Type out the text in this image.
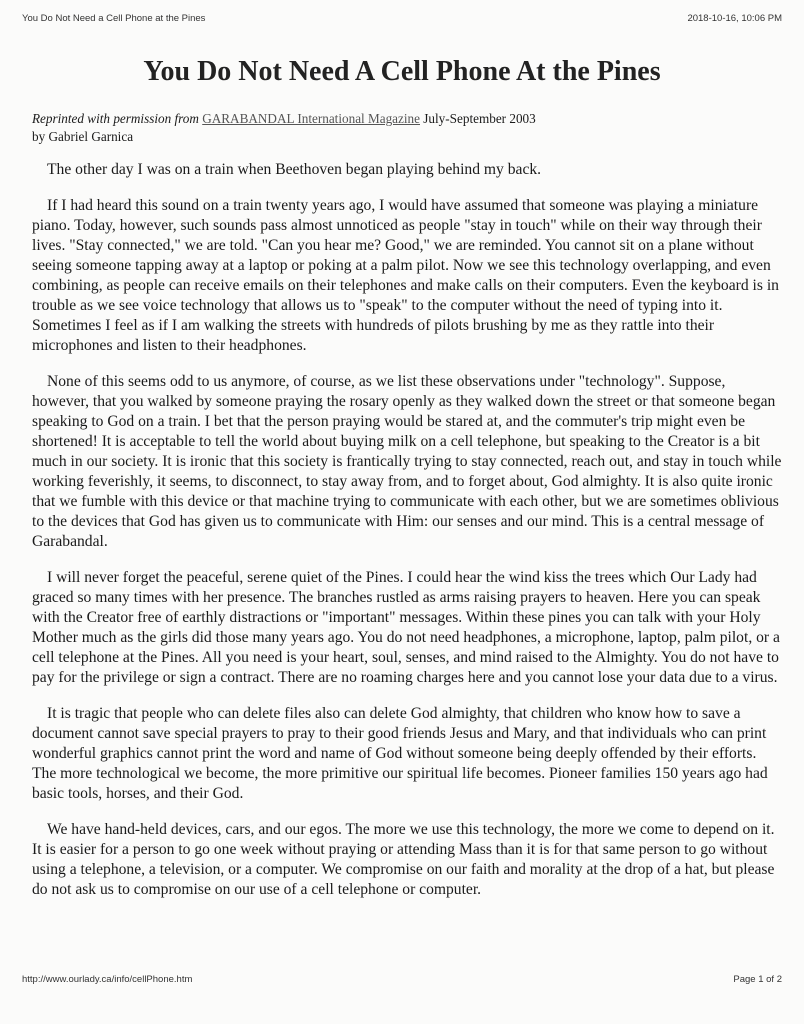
You Do Not Need a Cell Phone at the Pines	2018-10-16, 10:06 PM
You Do Not Need A Cell Phone At the Pines
Reprinted with permission from GARABANDAL International Magazine July-September 2003
by Gabriel Garnica

The other day I was on a train when Beethoven began playing behind my back.

If I had heard this sound on a train twenty years ago, I would have assumed that someone was playing a miniature piano. Today, however, such sounds pass almost unnoticed as people "stay in touch" while on their way through their lives. "Stay connected," we are told. "Can you hear me? Good," we are reminded. You cannot sit on a plane without seeing someone tapping away at a laptop or poking at a palm pilot. Now we see this technology overlapping, and even combining, as people can receive emails on their telephones and make calls on their computers. Even the keyboard is in trouble as we see voice technology that allows us to "speak" to the computer without the need of typing into it. Sometimes I feel as if I am walking the streets with hundreds of pilots brushing by me as they rattle into their microphones and listen to their headphones.

None of this seems odd to us anymore, of course, as we list these observations under "technology". Suppose, however, that you walked by someone praying the rosary openly as they walked down the street or that someone began speaking to God on a train. I bet that the person praying would be stared at, and the commuter's trip might even be shortened! It is acceptable to tell the world about buying milk on a cell telephone, but speaking to the Creator is a bit much in our society. It is ironic that this society is frantically trying to stay connected, reach out, and stay in touch while working feverishly, it seems, to disconnect, to stay away from, and to forget about, God almighty. It is also quite ironic that we fumble with this device or that machine trying to communicate with each other, but we are sometimes oblivious to the devices that God has given us to communicate with Him: our senses and our mind. This is a central message of Garabandal.

I will never forget the peaceful, serene quiet of the Pines. I could hear the wind kiss the trees which Our Lady had graced so many times with her presence. The branches rustled as arms raising prayers to heaven. Here you can speak with the Creator free of earthly distractions or "important" messages. Within these pines you can talk with your Holy Mother much as the girls did those many years ago. You do not need headphones, a microphone, laptop, palm pilot, or a cell telephone at the Pines. All you need is your heart, soul, senses, and mind raised to the Almighty. You do not have to pay for the privilege or sign a contract. There are no roaming charges here and you cannot lose your data due to a virus.

It is tragic that people who can delete files also can delete God almighty, that children who know how to save a document cannot save special prayers to pray to their good friends Jesus and Mary, and that individuals who can print wonderful graphics cannot print the word and name of God without someone being deeply offended by their efforts. The more technological we become, the more primitive our spiritual life becomes. Pioneer families 150 years ago had basic tools, horses, and their God.

We have hand-held devices, cars, and our egos. The more we use this technology, the more we come to depend on it. It is easier for a person to go one week without praying or attending Mass than it is for that same person to go without using a telephone, a television, or a computer. We compromise on our faith and morality at the drop of a hat, but please do not ask us to compromise on our use of a cell telephone or computer.

http://www.ourlady.ca/info/cellPhone.htm	Page 1 of 2
